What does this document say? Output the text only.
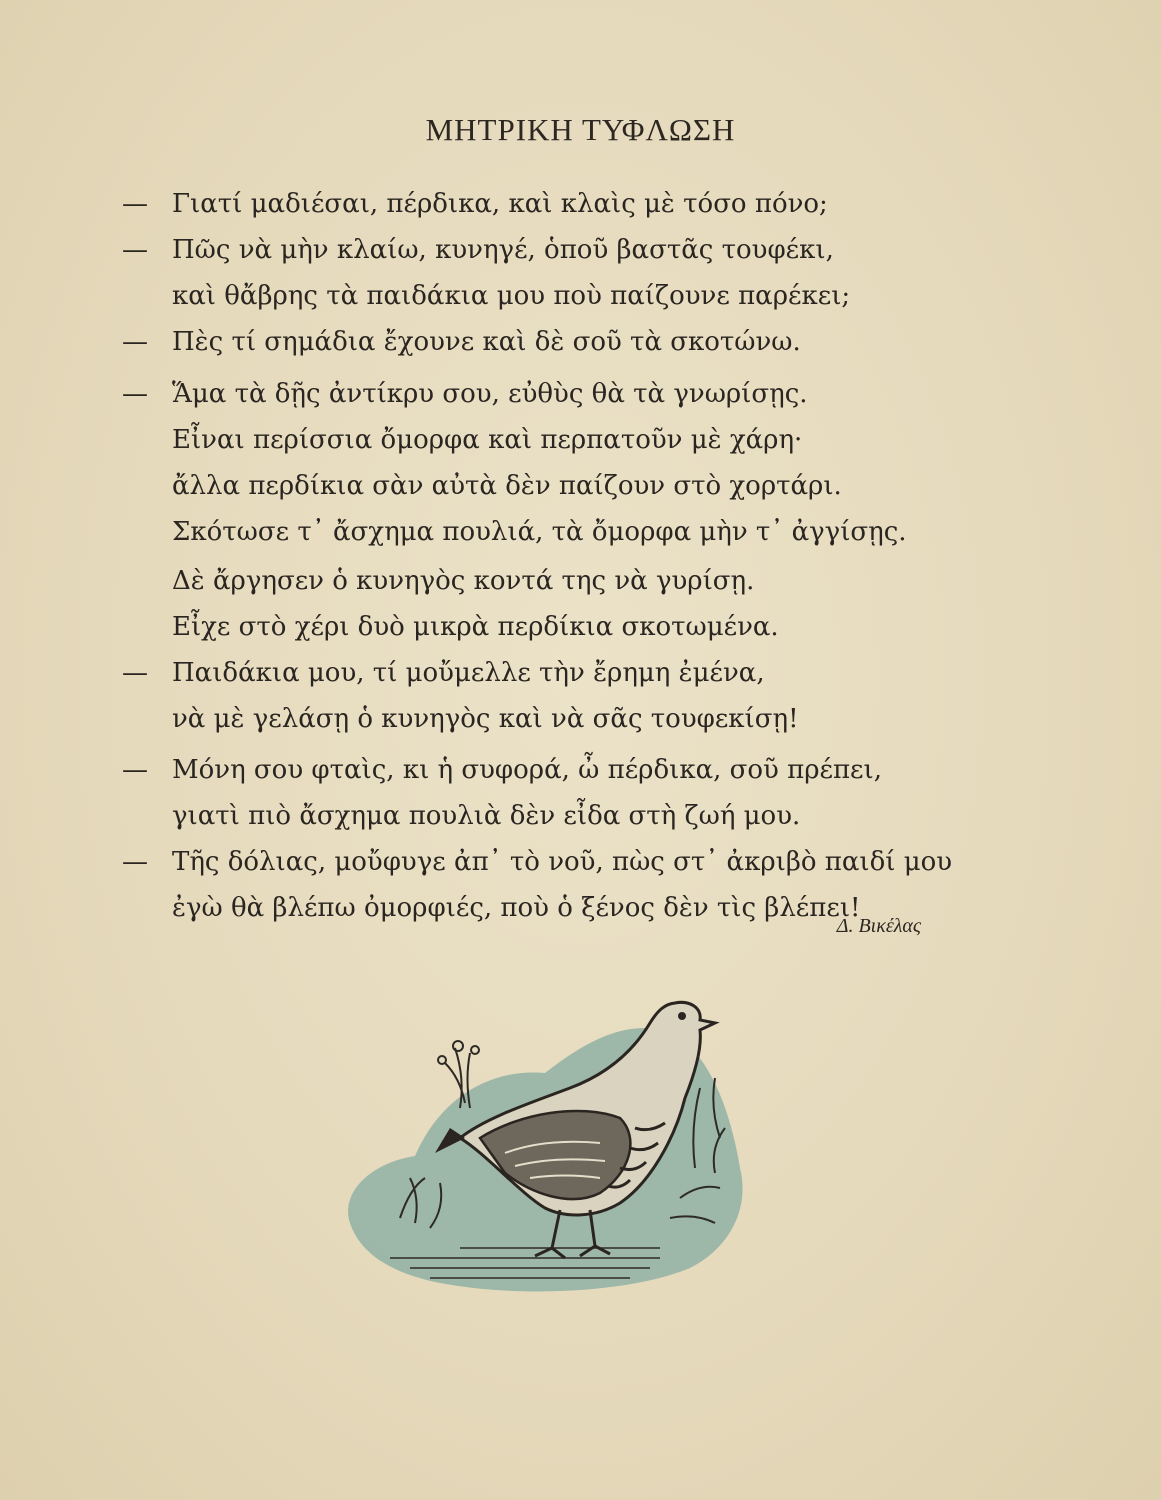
ΜΗΤΡΙΚΗ ΤΥΦΛΩΣΗ
— Γιατί μαδιέσαι, πέρδικα, καὶ κλαὶς μὲ τόσο πόνο;
— Πῶς νὰ μὴν κλαίω, κυνηγέ, ὁποῦ βαστᾶς τουφέκι,
καὶ θἄβρης τὰ παιδάκια μου ποὺ παίζουνε παρέκει;
— Πὲς τί σημάδια ἔχουνε καὶ δὲ σοῦ τὰ σκοτώνω.
— Ἅμα τὰ δῇς ἀντίκρυ σου, εὐθὺς θὰ τὰ γνωρίσῃς.
Εἶναι περίσσια ὄμορφα καὶ περπατοῦν μὲ χάρη·
ἄλλα περδίκια σὰν αὐτὰ δὲν παίζουν στὸ χορτάρι.
Σκότωσε τ᾿ ἄσχημα πουλιά, τὰ ὄμορφα μὴν τ᾿ ἀγγίσῃς.
Δὲ ἄργησεν ὁ κυνηγὸς κοντά της νὰ γυρίσῃ.
Εἶχε στὸ χέρι δυὸ μικρὰ περδίκια σκοτωμένα.
— Παιδάκια μου, τί μοὔμελλε τὴν ἔρημη ἐμένα,
νὰ μὲ γελάσῃ ὁ κυνηγὸς καὶ νὰ σᾶς τουφεκίσῃ!
— Μόνη σου φταὶς, κι ἡ συφορά, ὦ πέρδικα, σοῦ πρέπει,
γιατὶ πιὸ ἄσχημα πουλιὰ δὲν εἶδα στὴ ζωή μου.
— Τῆς δόλιας, μοὔφυγε ἀπ᾿ τὸ νοῦ, πὼς στ᾿ ἀκριβὸ παιδί μου
ἐγὼ θὰ βλέπω ὀμορφιές, ποὺ ὁ ξένος δὲν τὶς βλέπει!
Δ. Βικέλας
